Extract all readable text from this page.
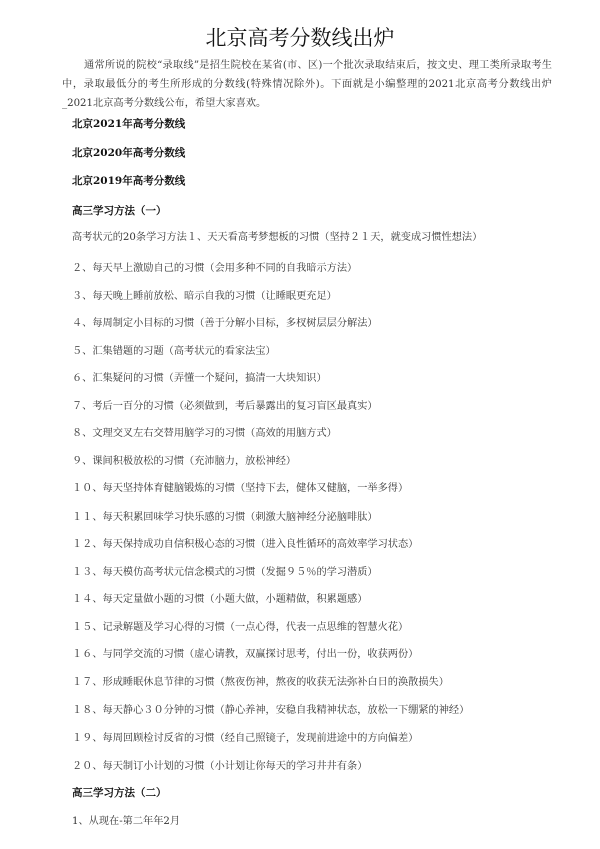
北京高考分数线出炉
通常所说的院校“录取线”是招生院校在某省(市、区)一个批次录取结束后，按文史、理工类所录取考生中，录取最低分的考生所形成的分数线(特殊情况除外)。下面就是小编整理的2021北京高考分数线出炉_2021北京高考分数线公布，希望大家喜欢。
北京2021年高考分数线
北京2020年高考分数线
北京2019年高考分数线
高三学习方法（一）
高考状元的20条学习方法１、天天看高考梦想板的习惯（坚持２１天，就变成习惯性想法）
２、每天早上激励自己的习惯（会用多种不同的自我暗示方法）
３、每天晚上睡前放松、暗示自我的习惯（让睡眠更充足）
４、每周制定小目标的习惯（善于分解小目标，多杈树层层分解法）
５、汇集错题的习题（高考状元的看家法宝）
６、汇集疑问的习惯（弄懂一个疑问，搞清一大块知识）
７、考后一百分的习惯（必须做到，考后暴露出的复习盲区最真实）
８、文理交叉左右交替用脑学习的习惯（高效的用脑方式）
９、课间积极放松的习惯（充沛脑力，放松神经）
１０、每天坚持体育健脑锻炼的习惯（坚持下去，健体又健脑，一举多得）
１１、每天积累回味学习快乐感的习惯（刺激大脑神经分泌脑啡肽）
１２、每天保持成功自信积极心态的习惯（进入良性循环的高效率学习状态）
１３、每天模仿高考状元信念模式的习惯（发掘９５％的学习潜质）
１４、每天定量做小题的习惯（小题大做，小题精做，积累题感）
１５、记录解题及学习心得的习惯（一点心得，代表一点思维的智慧火花）
１６、与同学交流的习惯（虚心请教，双赢探讨思考，付出一份，收获两份）
１７、形成睡眠休息节律的习惯（熬夜伤神，熬夜的收获无法弥补白日的涣散损失）
１８、每天静心３０分钟的习惯（静心养神，安稳自我精神状态，放松一下绷紧的神经）
１９、每周回顾检讨反省的习惯（经自己照镜子，发现前进途中的方向偏差）
２０、每天制订小计划的习惯（小计划让你每天的学习井井有条）
高三学习方法（二）
1、从现在-第二年年2月
